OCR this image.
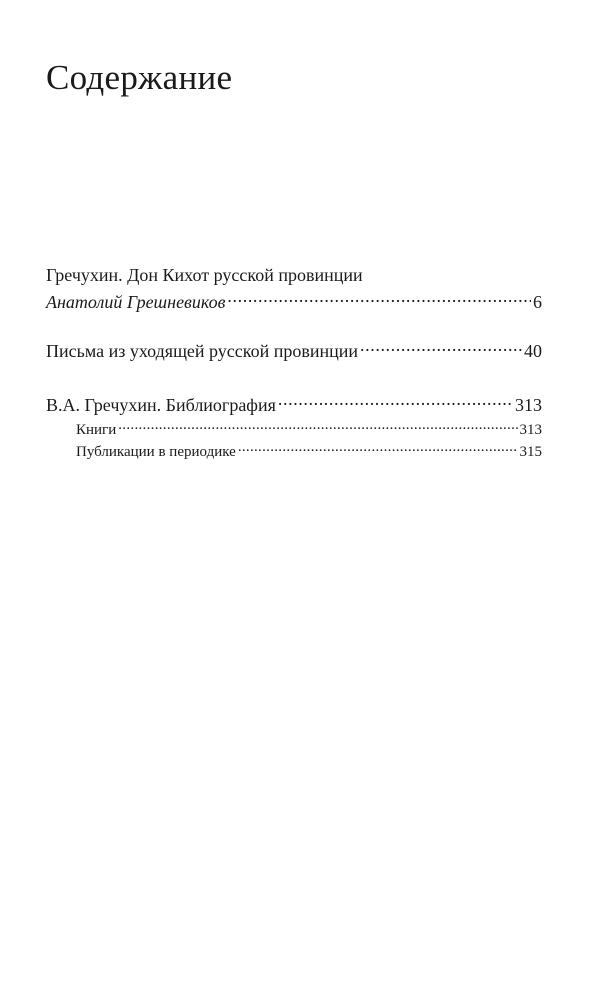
Содержание
Гречухин. Дон Кихот русской провинции
Анатолий Грешневиков .....	6
Письма из уходящей русской провинции .....	40
В.А. Гречухин. Библиография .....	313
Книги .....	313
Публикации в периодике .....	315
